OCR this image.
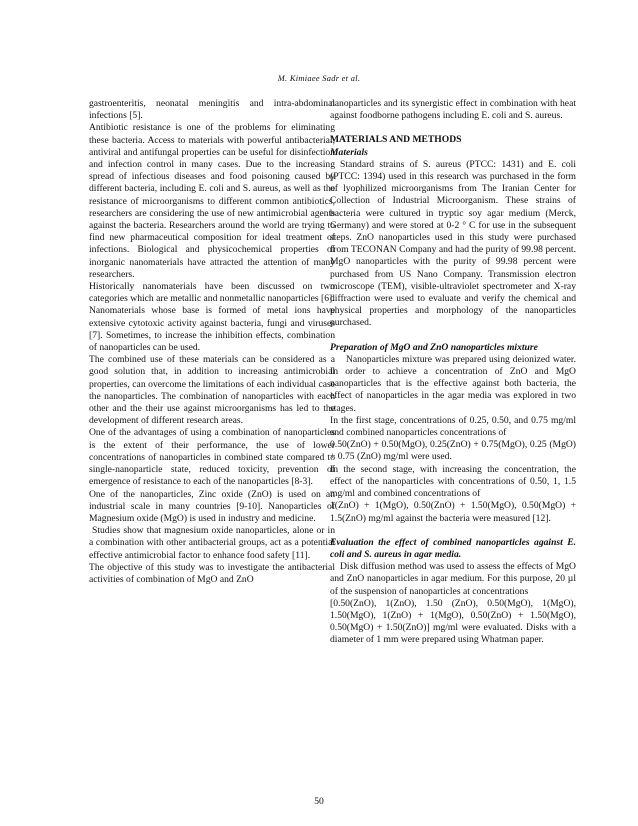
M. Kimiaee Sadr et al.

gastroenteritis, neonatal meningitis and intra-abdominal infections [5].

Antibiotic resistance is one of the problems for eliminating these bacteria. Access to materials with powerful antibacterial, antiviral and antifungal properties can be useful for disinfection and infection control in many cases. Due to the increasing spread of infectious diseases and food poisoning caused by different bacteria, including E. coli and S. aureus, as well as the resistance of microorganisms to different common antibiotics, researchers are considering the use of new antimicrobial agents against the bacteria. Researchers around the world are trying to find new pharmaceutical composition for ideal treatment of infections. Biological and physicochemical properties of inorganic nanomaterials have attracted the attention of many researchers.

Historically nanomaterials have been discussed on two categories which are metallic and nonmetallic nanoparticles [6].

Nanomaterials whose base is formed of metal ions have extensive cytotoxic activity against bacteria, fungi and viruses [7]. Sometimes, to increase the inhibition effects, combination of nanoparticles can be used.

The combined use of these materials can be considered as a good solution that, in addition to increasing antimicrobial properties, can overcome the limitations of each individual case the nanoparticles. The combination of nanoparticles with each other and the their use against microorganisms has led to the development of different research areas.

One of the advantages of using a combination of nanoparticles is the extent of their performance, the use of lower concentrations of nanoparticles in combined state compared to single-nanoparticle state, reduced toxicity, prevention of emergence of resistance to each of the nanoparticles [8-3].

One of the nanoparticles, Zinc oxide (ZnO) is used on an industrial scale in many countries [9-10]. Nanoparticles of Magnesium oxide (MgO) is used in industry and medicine.

Studies show that magnesium oxide nanoparticles, alone or in a combination with other antibacterial groups, act as a potential effective antimicrobial factor to enhance food safety [11].

The objective of this study was to investigate the antibacterial activities of combination of MgO and ZnO

nanoparticles and its synergistic effect in combination with heat against foodborne pathogens including E. coli and S. aureus.

MATERIALS AND METHODS

Materials

Standard strains of S. aureus (PTCC: 1431) and E. coli (PTCC: 1394) used in this research was purchased in the form of lyophilized microorganisms from The Iranian Center for Collection of Industrial Microorganism. These strains of bacteria were cultured in tryptic soy agar medium (Merck, Germany) and were stored at 0-2 ° C for use in the subsequent steps. ZnO nanoparticles used in this study were purchased from TECONAN Company and had the purity of 99.98 percent. MgO nanoparticles with the purity of 99.98 percent were purchased from US Nano Company. Transmission electron microscope (TEM), visible-ultraviolet spectrometer and X-ray diffraction were used to evaluate and verify the chemical and physical properties and morphology of the nanoparticles purchased.

Preparation of MgO and ZnO nanoparticles mixture

Nanoparticles mixture was prepared using deionized water. In order to achieve a concentration of ZnO and MgO nanoparticles that is the effective against both bacteria, the effect of nanoparticles in the agar media was explored in two stages.

In the first stage, concentrations of 0.25, 0.50, and 0.75 mg/ml and combined nanoparticles concentrations of

0.50(ZnO) + 0.50(MgO), 0.25(ZnO) + 0.75(MgO), 0.25 (MgO) + 0.75 (ZnO) mg/ml were used.

In the second stage, with increasing the concentration, the effect of the nanoparticles with concentrations of 0.50, 1, 1.5 mg/ml and combined concentrations of

1(ZnO) + 1(MgO), 0.50(ZnO) + 1.50(MgO), 0.50(MgO) + 1.5(ZnO) mg/ml against the bacteria were measured [12].

Evaluation the effect of combined nanoparticles against E. coli and S. aureus in agar media.

Disk diffusion method was used to assess the effects of MgO and ZnO nanoparticles in agar medium. For this purpose, 20 µl of the suspension of nanoparticles at concentrations

[0.50(ZnO), 1(ZnO), 1.50 (ZnO), 0.50(MgO), 1(MgO), 1.50(MgO), 1(ZnO) + 1(MgO), 0.50(ZnO) + 1.50(MgO), 0.50(MgO) + 1.50(ZnO)] mg/ml were evaluated. Disks with a diameter of 1 mm were prepared using Whatman paper.

50
